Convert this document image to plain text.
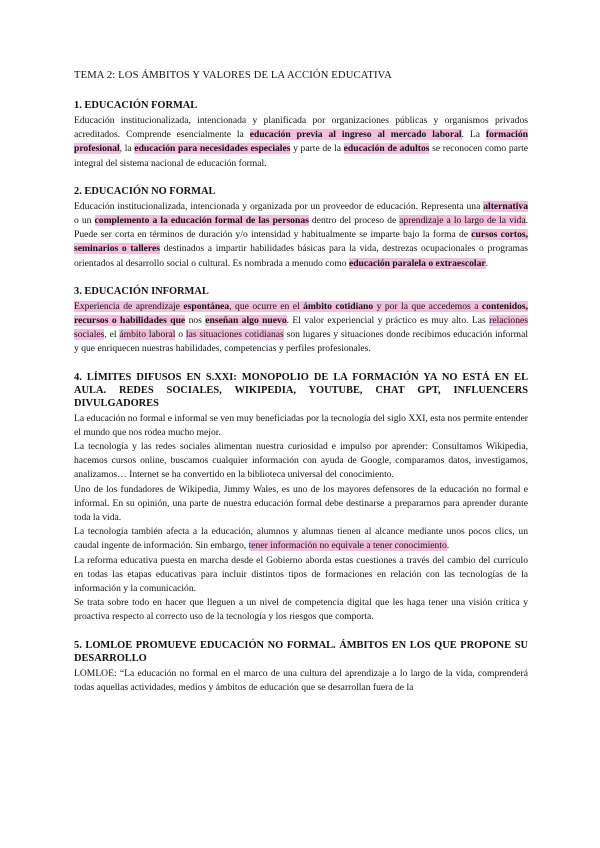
TEMA 2: LOS ÁMBITOS Y VALORES DE LA ACCIÓN EDUCATIVA
1. EDUCACIÓN FORMAL

Educación institucionalizada, intencionada y planificada por organizaciones públicas y organismos privados acreditados. Comprende esencialmente la educación previa al ingreso al mercado laboral. La formación profesional, la educación para necesidades especiales y parte de la educación de adultos se reconocen como parte integral del sistema nacional de educación formal.

2. EDUCACIÓN NO FORMAL

Educación institucionalizada, intencionada y organizada por un proveedor de educación. Representa una alternativa o un complemento a la educación formal de las personas dentro del proceso de aprendizaje a lo largo de la vida. Puede ser corta en términos de duración y/o intensidad y habitualmente se imparte bajo la forma de cursos cortos, seminarios o talleres destinados a impartir habilidades básicas para la vida, destrezas ocupacionales o programas orientados al desarrollo social o cultural. Es nombrada a menudo como educación paralela o extraescolar.

3. EDUCACIÓN INFORMAL

Experiencia de aprendizaje espontánea, que ocurre en el ámbito cotidiano y por la que accedemos a contenidos, recursos o habilidades que nos enseñan algo nuevo. El valor experiencial y práctico es muy alto. Las relaciones sociales, el ámbito laboral o las situaciones cotidianas son lugares y situaciones donde recibimos educación informal y que enriquecen nuestras habilidades, competencias y perfiles profesionales.

4. LÍMITES DIFUSOS EN S.XXI: MONOPOLIO DE LA FORMACIÓN YA NO ESTÁ EN EL AULA. REDES SOCIALES, WIKIPEDIA, YOUTUBE, CHAT GPT, INFLUENCERS DIVULGADORES

La educación no formal e informal se ven muy beneficiadas por la tecnología del siglo XXI, esta nos permite entender el mundo que nos rodea mucho mejor.

La tecnología y las redes sociales alimentan nuestra curiosidad e impulso por aprender: Consultamos Wikipedia, hacemos cursos online, buscamos cualquier información con ayuda de Google, comparamos datos, investigamos, analizamos… Internet se ha convertido en la biblioteca universal del conocimiento.

Uno de los fundadores de Wikipedia, Jimmy Wales, es uno de los mayores defensores de la educación no formal e informal. En su opinión, una parte de nuestra educación formal debe destinarse a prepararnos para aprender durante toda la vida.

La tecnología también afecta a la educación, alumnos y alumnas tienen al alcance mediante unos pocos clics, un caudal ingente de información. Sin embargo, tener información no equivale a tener conocimiento.

La reforma educativa puesta en marcha desde el Gobierno aborda estas cuestiones a través del cambio del currículo en todas las etapas educativas para incluir distintos tipos de formaciones en relación con las tecnologías de la información y la comunicación.

Se trata sobre todo en hacer que lleguen a un nivel de competencia digital que les haga tener una visión crítica y proactiva respecto al correcto uso de la tecnología y los riesgos que comporta.

5. LOMLOE PROMUEVE EDUCACIÓN NO FORMAL. ÁMBITOS EN LOS QUE PROPONE SU DESARROLLO

LOMLOE: “La educación no formal en el marco de una cultura del aprendizaje a lo largo de la vida, comprenderá todas aquellas actividades, medios y ámbitos de educación que se desarrollan fuera de la
